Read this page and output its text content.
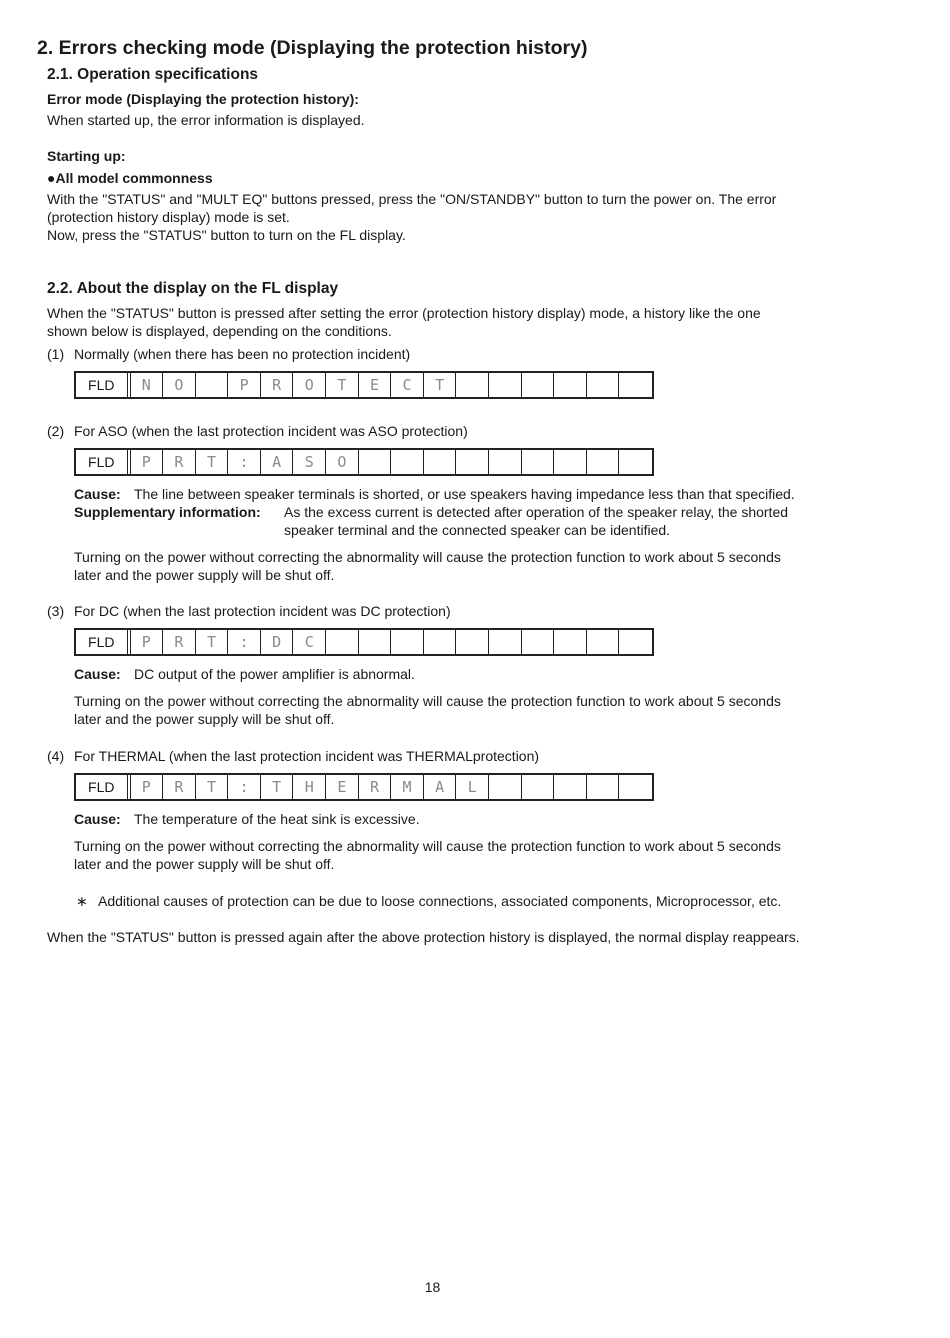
2. Errors checking mode (Displaying the protection history)
2.1. Operation specifications
Error mode (Displaying the protection history):
When started up, the error information is displayed.
Starting up:
●All model commonness
With the "STATUS" and "MULT EQ" buttons pressed, press the "ON/STANDBY" button to turn the power on. The error
(protection history display) mode is set.
Now, press the "STATUS" button to turn on the FL display.
2.2. About the display on the FL display
When the "STATUS" button is pressed after setting the error (protection history display) mode, a history like the one
shown below is displayed, depending on the conditions.
(1) Normally (when there has been no protection incident)
FLD	N	O	P	R	O	T	E	C	T
(2) For ASO (when the last protection incident was ASO protection)
FLD	P	R	T	:	A	S	O
Cause: The line between speaker terminals is shorted, or use speakers having impedance less than that specified.
Supplementary information: As the excess current is detected after operation of the speaker relay, the shorted
speaker terminal and the connected speaker can be identified.
Turning on the power without correcting the abnormality will cause the protection function to work about 5 seconds
later and the power supply will be shut off.
(3) For DC (when the last protection incident was DC protection)
FLD	P	R	T	:	D	C
Cause: DC output of the power amplifier is abnormal.
Turning on the power without correcting the abnormality will cause the protection function to work about 5 seconds
later and the power supply will be shut off.
(4) For THERMAL (when the last protection incident was THERMALprotection)
FLD	P	R	T	:	T	H	E	R	M	A	L
Cause: The temperature of the heat sink is excessive.
Turning on the power without correcting the abnormality will cause the protection function to work about 5 seconds
later and the power supply will be shut off.
∗ Additional causes of protection can be due to loose connections, associated components, Microprocessor, etc.
When the "STATUS" button is pressed again after the above protection history is displayed, the normal display reappears.
18
